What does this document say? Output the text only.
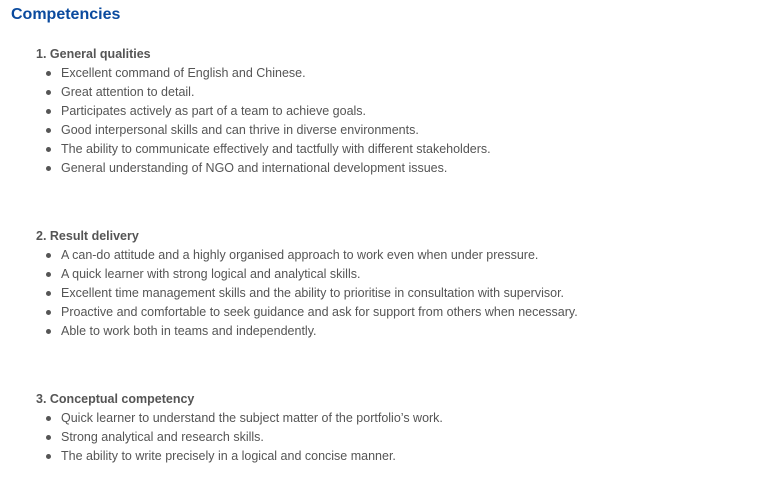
Competencies
1. General qualities
Excellent command of English and Chinese.
Great attention to detail.
Participates actively as part of a team to achieve goals.
Good interpersonal skills and can thrive in diverse environments.
The ability to communicate effectively and tactfully with different stakeholders.
General understanding of NGO and international development issues.
2. Result delivery
A can-do attitude and a highly organised approach to work even when under pressure.
A quick learner with strong logical and analytical skills.
Excellent time management skills and the ability to prioritise in consultation with supervisor.
Proactive and comfortable to seek guidance and ask for support from others when necessary.
Able to work both in teams and independently.
3. Conceptual competency
Quick learner to understand the subject matter of the portfolio’s work.
Strong analytical and research skills.
The ability to write precisely in a logical and concise manner.
